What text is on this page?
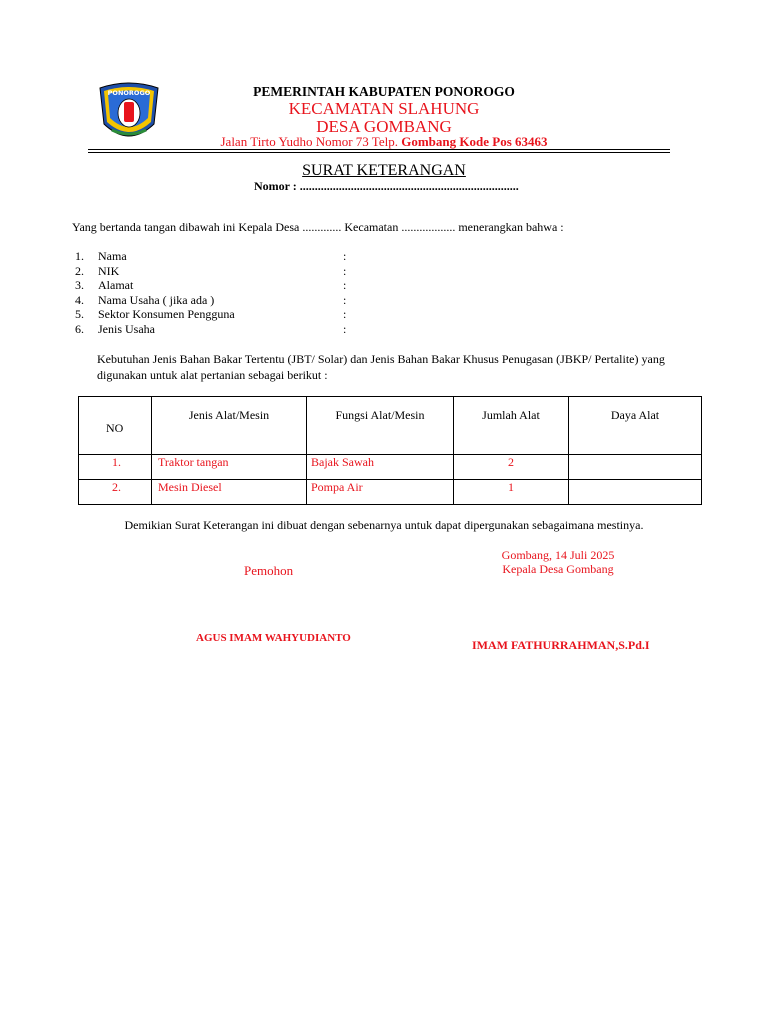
PONOROGO	PEMERINTAH KABUPATEN PONOROGO
KECAMATAN SLAHUNG
DESA GOMBANG
Jalan Tirto Yudho Nomor 73 Telp. Gombang Kode Pos 63463
SURAT KETERANGAN
Nomor : .........................................................................
Yang bertanda tangan dibawah ini Kepala Desa ............. Kecamatan .................. menerangkan bahwa :
1.	Nama	:
2.	NIK	:
3.	Alamat	:
4.	Nama Usaha ( jika ada )	:
5.	Sektor Konsumen Pengguna	:
6.	Jenis Usaha	:
Kebutuhan Jenis Bahan Bakar Tertentu (JBT/ Solar) dan Jenis Bahan Bakar Khusus Penugasan (JBKP/ Pertalite) yang digunakan untuk alat pertanian sebagai berikut :
NO	Jenis Alat/Mesin	Fungsi Alat/Mesin	Jumlah Alat	Daya Alat

1.	Traktor tangan	Bajak Sawah	2	

2.	Mesin Diesel	Pompa Air	1	

Demikian Surat Keterangan ini dibuat dengan sebenarnya untuk dapat dipergunakan sebagaimana mestinya.
Gombang, 14 Juli 2025
Kepala Desa Gombang
Pemohon
AGUS IMAM WAHYUDIANTO	IMAM FATHURRAHMAN,S.Pd.I
